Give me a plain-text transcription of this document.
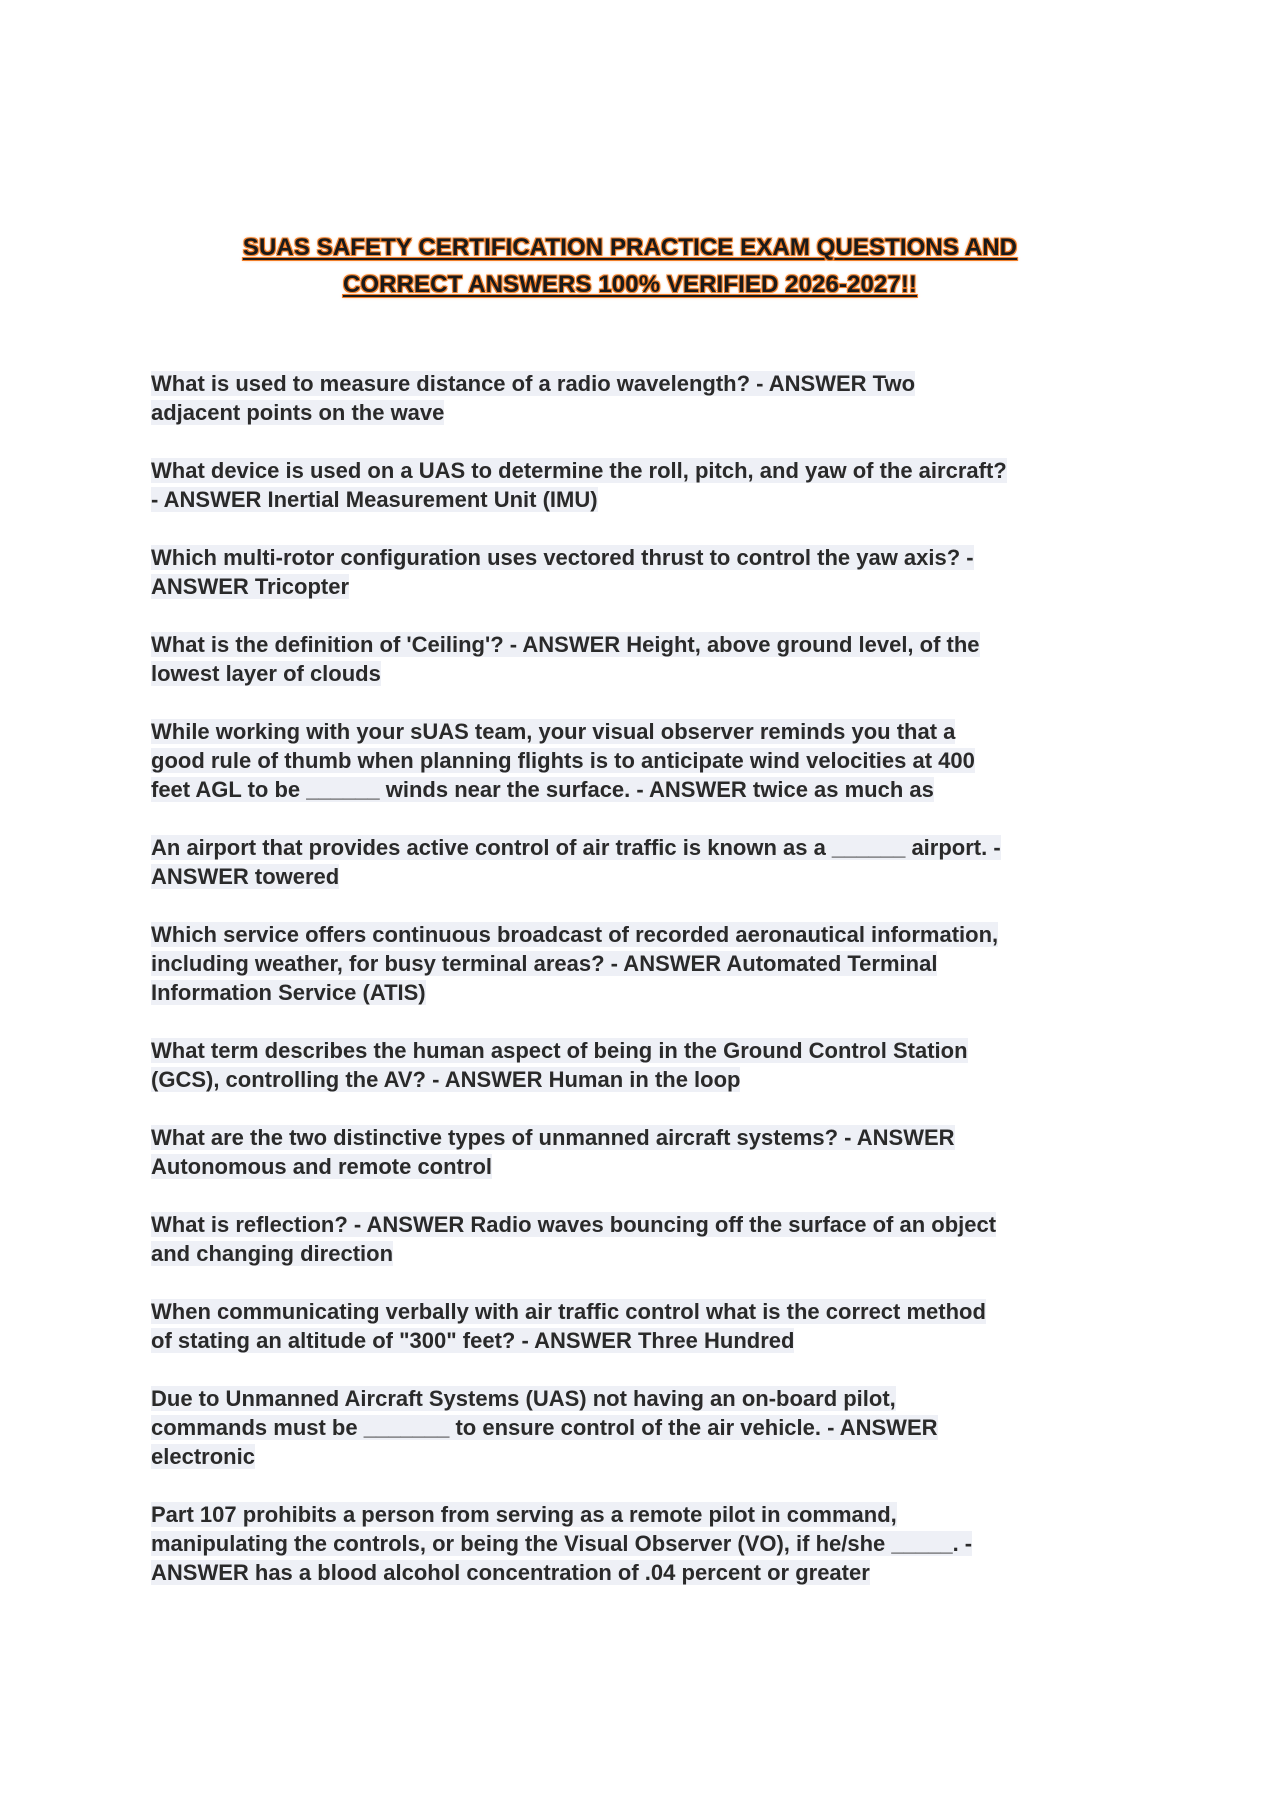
SUAS SAFETY CERTIFICATION PRACTICE EXAM QUESTIONS AND
CORRECT ANSWERS 100% VERIFIED 2026-2027!!
What is used to measure distance of a radio wavelength? - ANSWER Two
adjacent points on the wave
What device is used on a UAS to determine the roll, pitch, and yaw of the aircraft?
- ANSWER Inertial Measurement Unit (IMU)
Which multi-rotor configuration uses vectored thrust to control the yaw axis? -
ANSWER Tricopter
What is the definition of 'Ceiling'? - ANSWER Height, above ground level, of the
lowest layer of clouds
While working with your sUAS team, your visual observer reminds you that a
good rule of thumb when planning flights is to anticipate wind velocities at 400
feet AGL to be ______ winds near the surface. - ANSWER twice as much as
An airport that provides active control of air traffic is known as a ______ airport. -
ANSWER towered
Which service offers continuous broadcast of recorded aeronautical information,
including weather, for busy terminal areas? - ANSWER Automated Terminal
Information Service (ATIS)
What term describes the human aspect of being in the Ground Control Station
(GCS), controlling the AV? - ANSWER Human in the loop
What are the two distinctive types of unmanned aircraft systems? - ANSWER
Autonomous and remote control
What is reflection? - ANSWER Radio waves bouncing off the surface of an object
and changing direction
When communicating verbally with air traffic control what is the correct method
of stating an altitude of "300" feet? - ANSWER Three Hundred
Due to Unmanned Aircraft Systems (UAS) not having an on-board pilot,
commands must be _______ to ensure control of the air vehicle. - ANSWER
electronic
Part 107 prohibits a person from serving as a remote pilot in command,
manipulating the controls, or being the Visual Observer (VO), if he/she _____. -
ANSWER has a blood alcohol concentration of .04 percent or greater
